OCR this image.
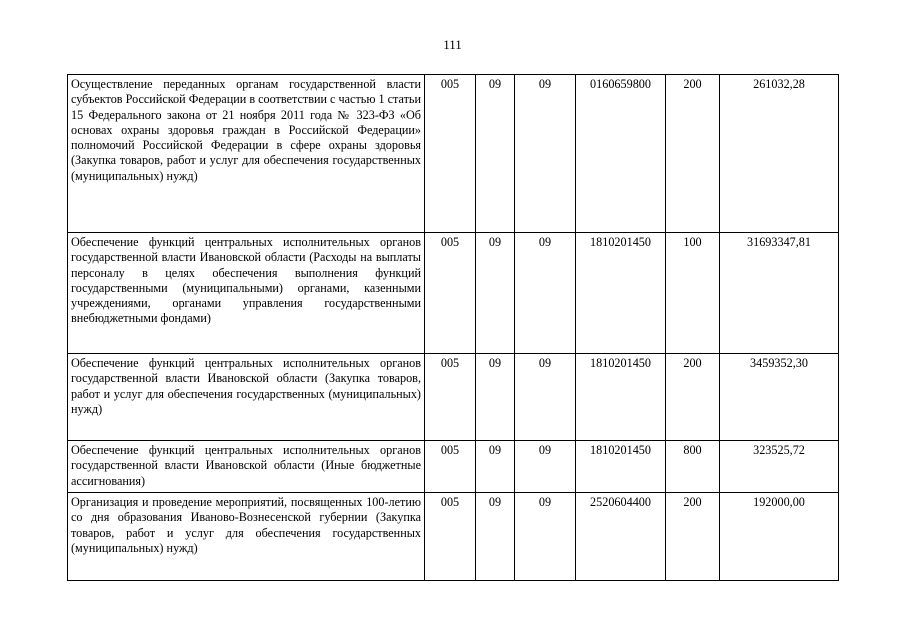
111
Осуществление переданных органам государственной власти субъектов Российской Федерации в соответствии с частью 1 статьи 15 Федерального закона от 21 ноября 2011 года № 323-ФЗ «Об основах охраны здоровья граждан в Российской Федерации» полномочий Российской Федерации в сфере охраны здоровья (Закупка товаров, работ и услуг для обеспечения государственных (муниципальных) нужд)	005	09	09	0160659800	200	261032,28
Обеспечение функций центральных исполнительных органов государственной власти Ивановской области (Расходы на выплаты персоналу в целях обеспечения выполнения функций государственными (муниципальными) органами, казенными учреждениями, органами управления государственными внебюджетными фондами)	005	09	09	1810201450	100	31693347,81
Обеспечение функций центральных исполнительных органов государственной власти Ивановской области (Закупка товаров, работ и услуг для обеспечения государственных (муниципальных) нужд)	005	09	09	1810201450	200	3459352,30
Обеспечение функций центральных исполнительных органов государственной власти Ивановской области (Иные бюджетные ассигнования)	005	09	09	1810201450	800	323525,72
Организация и проведение мероприятий, посвященных 100-летию со дня образования Иваново-Вознесенской губернии (Закупка товаров, работ и услуг для обеспечения государственных (муниципальных) нужд)	005	09	09	2520604400	200	192000,00
